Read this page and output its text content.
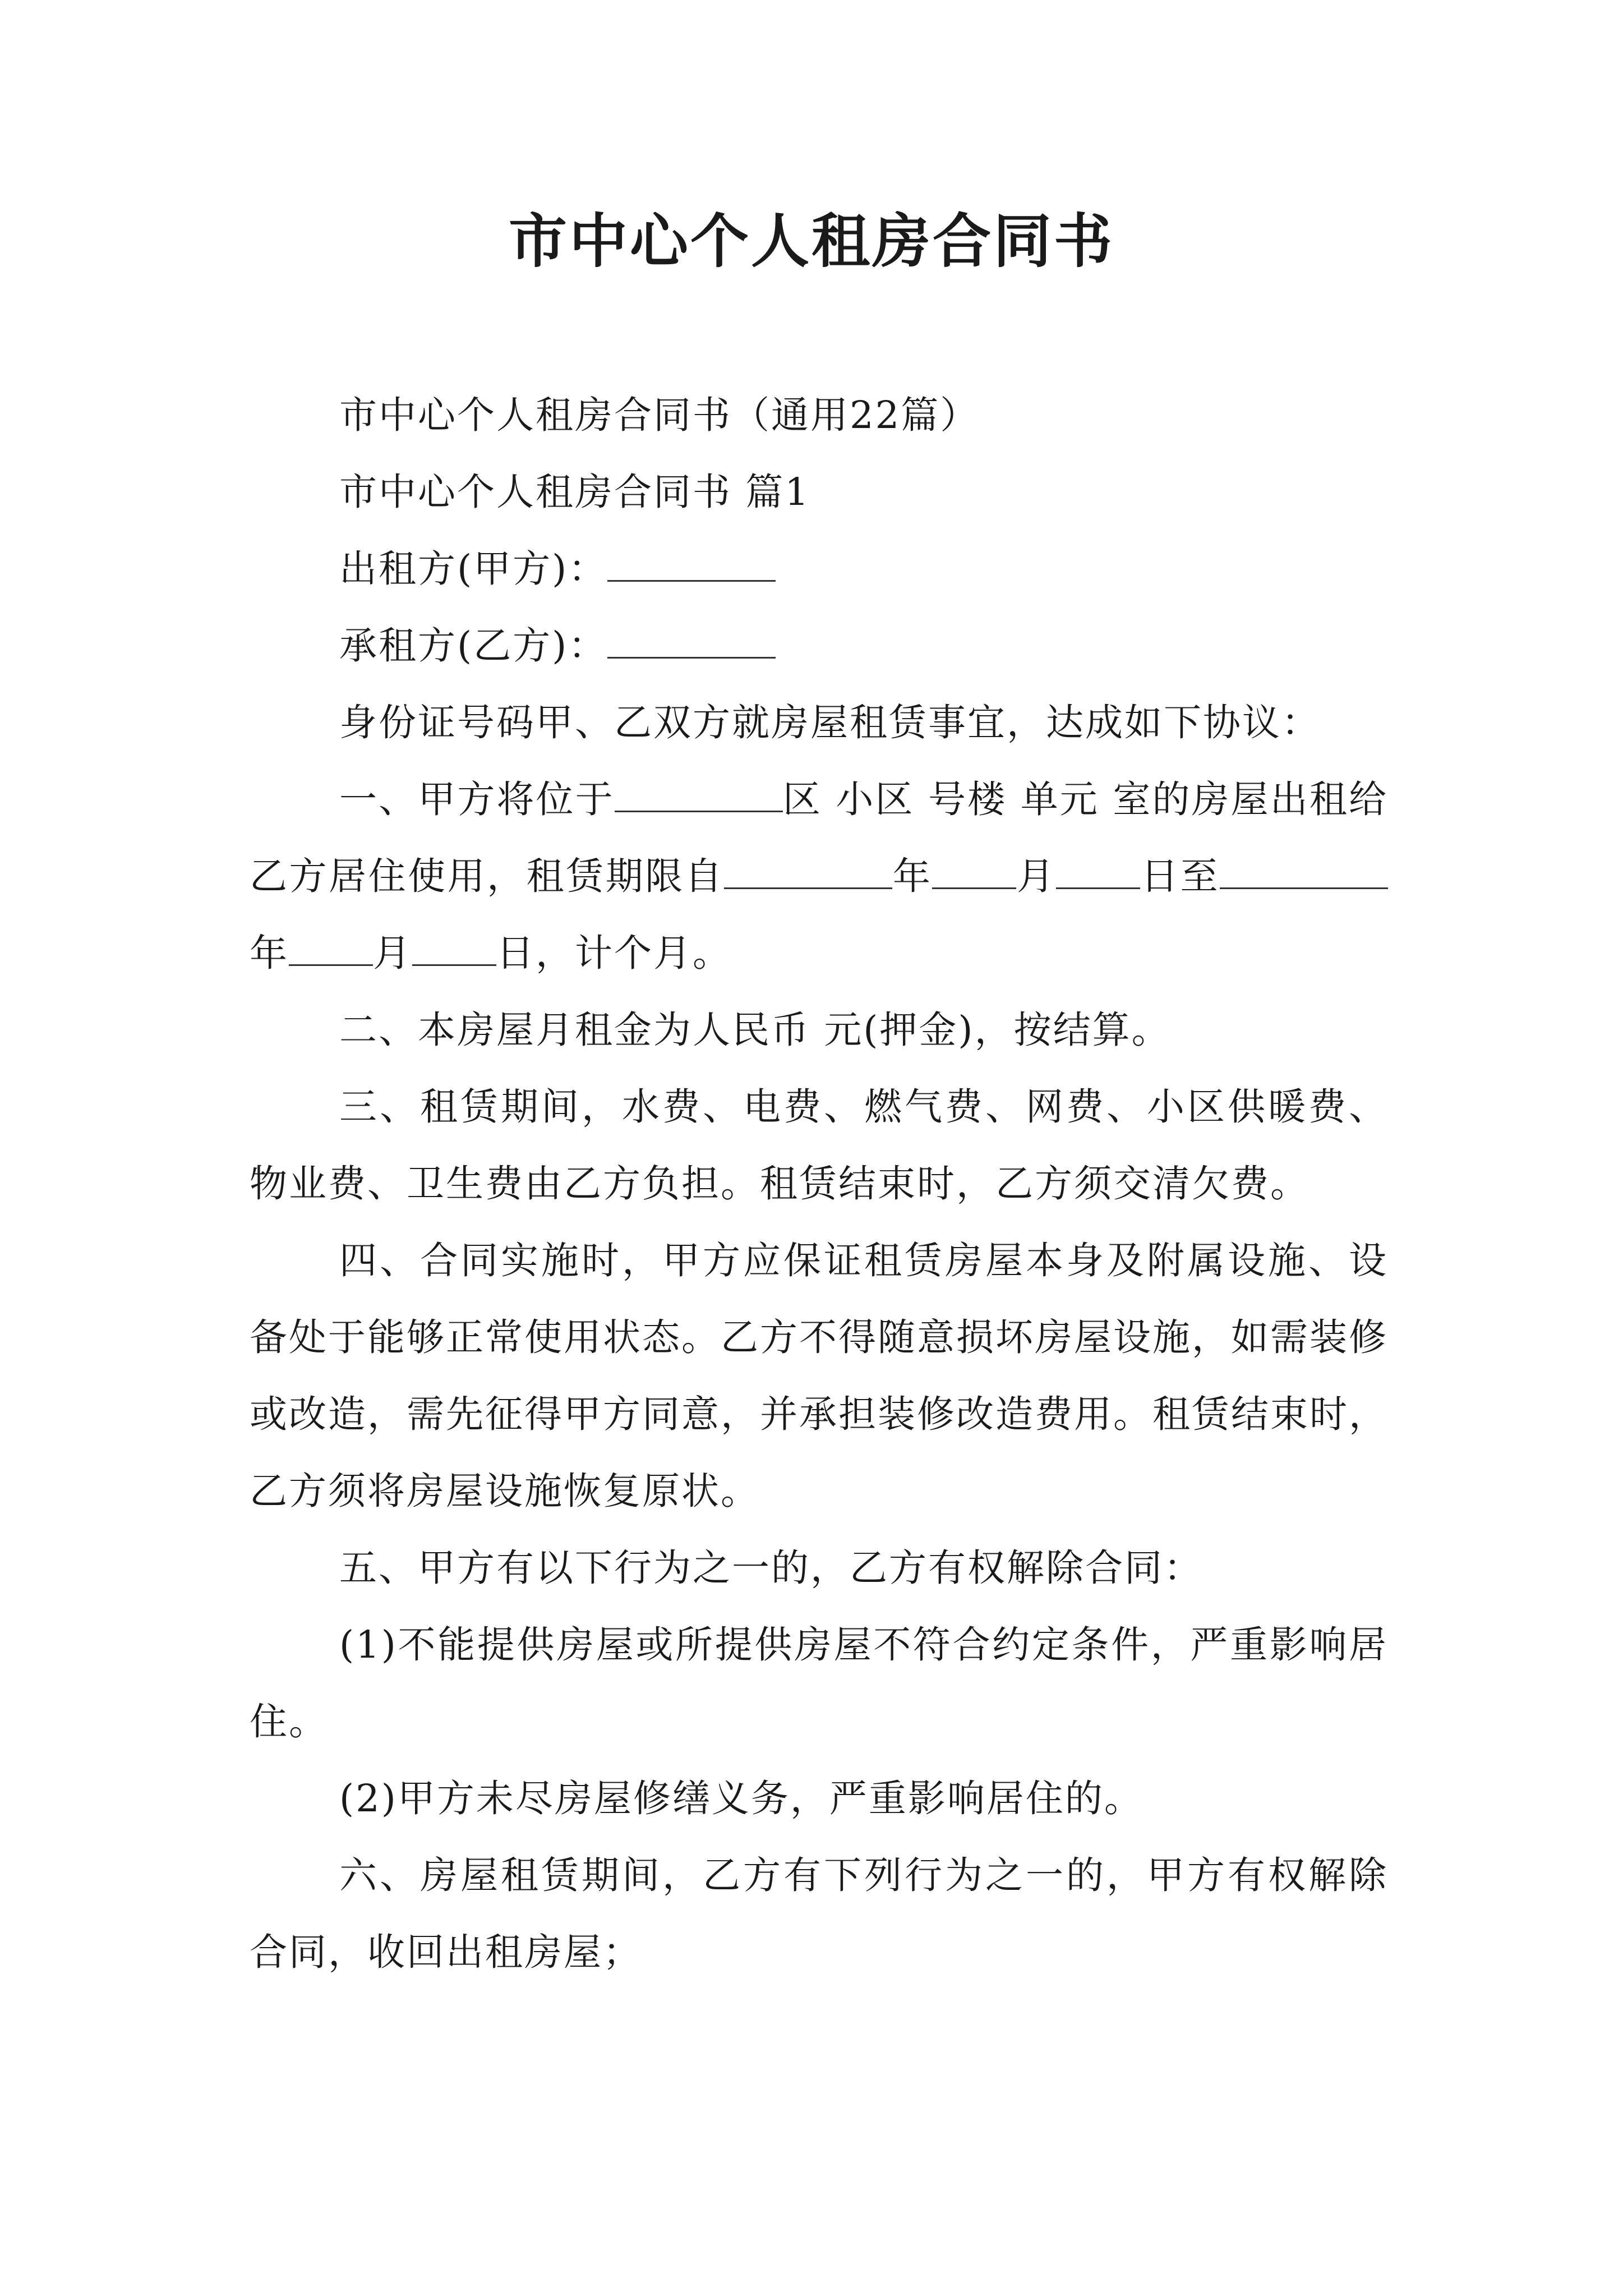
市中心个人租房合同书

市中心个人租房合同书（通用22篇）

市中心个人租房合同书 篇1

出租方(甲方)：

承租方(乙方)：

身份证号码甲、乙双方就房屋租赁事宜，达成如下协议：

一、甲方将位于	区 小区 号楼 单元 室的房屋出租给乙方居住使用，租赁期限自	年 月 日至年 月 日，计个月。

二、本房屋月租金为人民币 元(押金)，按结算。

三、租赁期间，水费、电费、燃气费、网费、小区供暖费、物业费、卫生费由乙方负担。租赁结束时，乙方须交清欠费。

四、合同实施时，甲方应保证租赁房屋本身及附属设施、设备处于能够正常使用状态。乙方不得随意损坏房屋设施，如需装修或改造，需先征得甲方同意，并承担装修改造费用。租赁结束时，乙方须将房屋设施恢复原状。

五、甲方有以下行为之一的，乙方有权解除合同：

(1)不能提供房屋或所提供房屋不符合约定条件，严重影响居住。

(2)甲方未尽房屋修缮义务，严重影响居住的。

六、房屋租赁期间，乙方有下列行为之一的，甲方有权解除合同，收回出租房屋；
